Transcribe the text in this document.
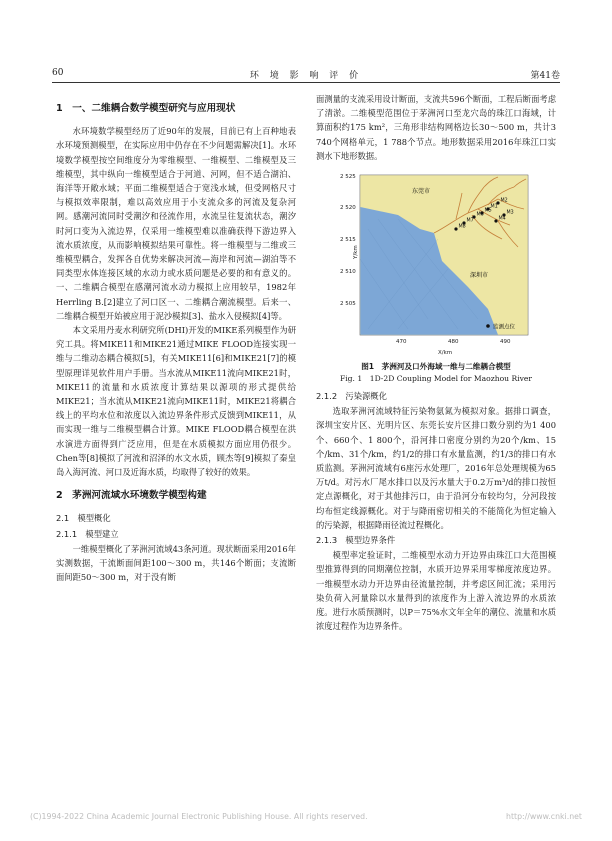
60	环 境 影 响 评 价	第41卷
1　一、二维耦合数学模型研究与应用现状

水环境数学模型经历了近90年的发展，目前已有上百种地表水环境预测模型，在实际应用中仍存在不少问题需解决[1]。水环境数学模型按空间维度分为零维模型、一维模型、二维模型及三维模型，其中纵向一维模型适合于河道、河网，但不适合湖泊、海洋等开敞水域；平面二维模型适合于宽浅水域，但受网格尺寸与模拟效率限制，难以高效应用于小支流众多的河流及复杂河网。感潮河流同时受潮汐和径流作用，水流呈往复流状态，潮汐时河口变为入流边界，仅采用一维模型难以准确获得下游边界入流水质浓度，从而影响模拟结果可靠性。将一维模型与二维或三维模型耦合，发挥各自优势来解决河流—海岸和河流—湖泊等不同类型水体连接区域的水动力或水质问题是必要的和有意义的。一、二维耦合模型在感潮河流水动力模拟上应用较早，1982年Herrling B.[2]建立了河口区一、二维耦合潮流模型。后来一、二维耦合模型开始被应用于泥沙模拟[3]、盐水入侵模拟[4]等。

本文采用丹麦水利研究所(DHI)开发的MIKE系列模型作为研究工具。将MIKE11和MIKE21通过MIKE FLOOD连接实现一维与二维动态耦合模拟[5]，有关MIKE11[6]和MIKE21[7]的模型原理详见软件用户手册。当水流从MIKE11流向MIKE21时，MIKE11的流量和水质浓度计算结果以源项的形式提供给MIKE21；当水流从MIKE21流向MIKE11时，MIKE21将耦合线上的平均水位和浓度以入流边界条件形式反馈到MIKE11，从而实现一维与二维模型耦合计算。MIKE FLOOD耦合模型在洪水演进方面得到广泛应用，但是在水质模拟方面应用仍很少。Chen等[8]模拟了河流和沼泽的水文水质，顾杰等[9]模拟了秦皇岛入海河流、河口及近海水质，均取得了较好的效果。

2　茅洲河流域水环境数学模型构建
2.1　模型概化
2.1.1　模型建立

一维模型概化了茅洲河流域43条河道。现状断面采用2016年实测数据，干流断面间距100～300 m，共146个断面；支流断面间距50～300 m，对于没有断

面测量的支流采用设计断面，支流共596个断面，工程后断面考虑了清淤。二维模型范围位于茅洲河口至龙穴岛的珠江口海域，计算面积约175 km²，三角形非结构网格边长30～500 m，共计3 740个网格单元，1 788个节点。地形数据采用2016年珠江口实测水下地形数据。

M1
M2
M3
M4
M5
M6
M7
M8
东莞市
深圳市
2 525
2 520
2 515
2 510
2 505
470	480	490
X/km
Y/km
监测点位
图1　茅洲河及口外海域一维与二维耦合模型
Fig. 1　1D-2D Coupling Model for Maozhou River
2.1.2　污染源概化

选取茅洲河流域特征污染物氨氮为模拟对象。据排口调查，深圳宝安片区、光明片区、东莞长安片区排口数分别约为1 400个、660个、1 800个，沿河排口密度分别约为20个/km、15个/km、31个/km，约1/2的排口有水量监测，约1/3的排口有水质监测。茅洲河流域有6座污水处理厂，2016年总处理规模为65万t/d。对污水厂尾水排口以及污水量大于0.2万m³/d的排口按恒定点源概化，对于其他排污口，由于沿河分布较均匀，分河段按均布恒定线源概化。对于与降雨密切相关的不能简化为恒定输入的污染源，根据降雨径流过程概化。

2.1.3　模型边界条件

模型率定验证时，二维模型水动力开边界由珠江口大范围模型推算得到的同期潮位控制，水质开边界采用零梯度浓度边界。一维模型水动力开边界由径流量控制，并考虑区间汇流；采用污染负荷入河量除以水量得到的浓度作为上游入流边界的水质浓度。进行水质预测时，以P＝75%水文年全年的潮位、流量和水质浓度过程作为边界条件。

(C)1994-2022 China Academic Journal Electronic Publishing House. All rights reserved.	http://www.cnki.net
